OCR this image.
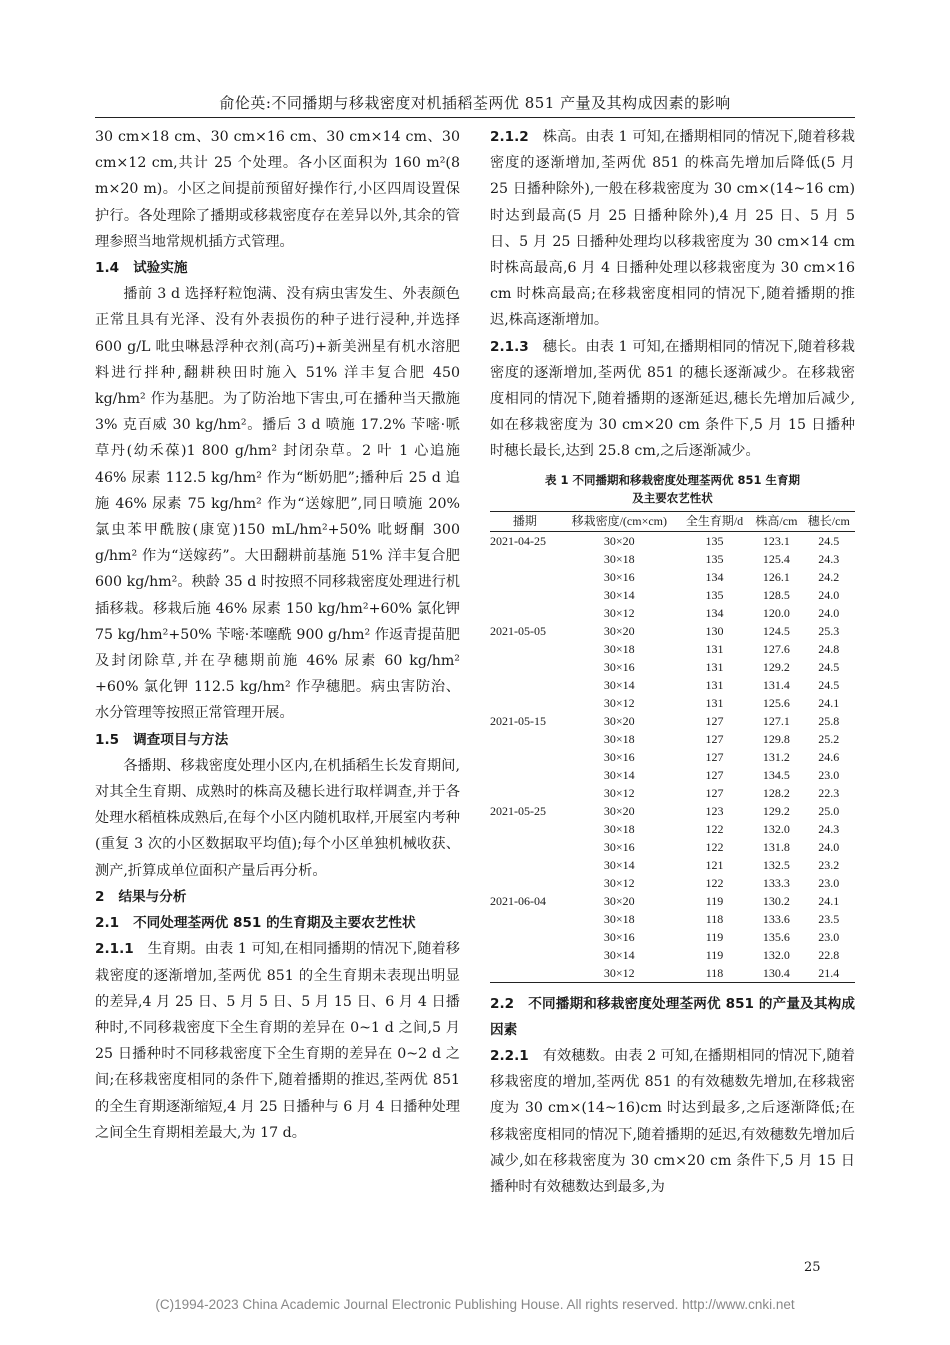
俞伦英:不同播期与移栽密度对机插稻荃两优 851 产量及其构成因素的影响

30 cm×18 cm、30 cm×16 cm、30 cm×14 cm、30 cm×12 cm,共计 25 个处理。各小区面积为 160 m²(8 m×20 m)。小区之间提前预留好操作行,小区四周设置保护行。各处理除了播期或移栽密度存在差异以外,其余的管理参照当地常规机插方式管理。

1.4 试验实施

播前 3 d 选择籽粒饱满、没有病虫害发生、外表颜色正常且具有光泽、没有外表损伤的种子进行浸种,并选择 600 g/L 吡虫啉悬浮种衣剂(高巧)+新美洲星有机水溶肥料进行拌种,翻耕秧田时施入 51% 洋丰复合肥 450 kg/hm² 作为基肥。为了防治地下害虫,可在播种当天撒施 3% 克百威 30 kg/hm²。播后 3 d 喷施 17.2% 苄嘧·哌草丹(幼禾葆)1 800 g/hm² 封闭杂草。2 叶 1 心追施 46% 尿素 112.5 kg/hm² 作为“断奶肥”;播种后 25 d 追施 46% 尿素 75 kg/hm² 作为“送嫁肥”,同日喷施 20% 氯虫苯甲酰胺(康宽)150 mL/hm²+50% 吡蚜酮 300 g/hm² 作为“送嫁药”。大田翻耕前基施 51% 洋丰复合肥 600 kg/hm²。秧龄 35 d 时按照不同移栽密度处理进行机插移栽。移栽后施 46% 尿素 150 kg/hm²+60% 氯化钾 75 kg/hm²+50% 苄嘧·苯噻酰 900 g/hm² 作返青提苗肥及封闭除草,并在孕穗期前施 46% 尿素 60 kg/hm² +60% 氯化钾 112.5 kg/hm² 作孕穗肥。病虫害防治、水分管理等按照正常管理开展。

1.5 调查项目与方法

各播期、移栽密度处理小区内,在机插稻生长发育期间,对其全生育期、成熟时的株高及穗长进行取样调查,并于各处理水稻植株成熟后,在每个小区内随机取样,开展室内考种(重复 3 次的小区数据取平均值);每个小区单独机械收获、测产,折算成单位面积产量后再分析。

2 结果与分析

2.1 不同处理荃两优 851 的生育期及主要农艺性状

2.1.1 生育期。由表 1 可知,在相同播期的情况下,随着移栽密度的逐渐增加,荃两优 851 的全生育期未表现出明显的差异,4 月 25 日、5 月 5 日、5 月 15 日、6 月 4 日播种时,不同移栽密度下全生育期的差异在 0~1 d 之间,5 月 25 日播种时不同移栽密度下全生育期的差异在 0~2 d 之间;在移栽密度相同的条件下,随着播期的推迟,荃两优 851 的全生育期逐渐缩短,4 月 25 日播种与 6 月 4 日播种处理之间全生育期相差最大,为 17 d。

2.1.2 株高。由表 1 可知,在播期相同的情况下,随着移栽密度的逐渐增加,荃两优 851 的株高先增加后降低(5 月 25 日播种除外),一般在移栽密度为 30 cm×(14~16 cm)时达到最高(5 月 25 日播种除外),4 月 25 日、5 月 5 日、5 月 25 日播种处理均以移栽密度为 30 cm×14 cm 时株高最高,6 月 4 日播种处理以移栽密度为 30 cm×16 cm 时株高最高;在移栽密度相同的情况下,随着播期的推迟,株高逐渐增加。

2.1.3 穗长。由表 1 可知,在播期相同的情况下,随着移栽密度的逐渐增加,荃两优 851 的穗长逐渐减少。在移栽密度相同的情况下,随着播期的逐渐延迟,穗长先增加后减少,如在移栽密度为 30 cm×20 cm 条件下,5 月 15 日播种时穗长最长,达到 25.8 cm,之后逐渐减少。

表 1 不同播期和移栽密度处理荃两优 851 生育期
及主要农艺性状
播期	移栽密度/(cm×cm)	全生育期/d	株高/cm	穗长/cm
2021-04-25	30×20	135	123.1	24.5
	30×18	135	125.4	24.3
	30×16	134	126.1	24.2
	30×14	135	128.5	24.0
	30×12	134	120.0	24.0
2021-05-05	30×20	130	124.5	25.3
	30×18	131	127.6	24.8
	30×16	131	129.2	24.5
	30×14	131	131.4	24.5
	30×12	131	125.6	24.1
2021-05-15	30×20	127	127.1	25.8
	30×18	127	129.8	25.2
	30×16	127	131.2	24.6
	30×14	127	134.5	23.0
	30×12	127	128.2	22.3
2021-05-25	30×20	123	129.2	25.0
	30×18	122	132.0	24.3
	30×16	122	131.8	24.0
	30×14	121	132.5	23.2
	30×12	122	133.3	23.0
2021-06-04	30×20	119	130.2	24.1
	30×18	118	133.6	23.5
	30×16	119	135.6	23.0
	30×14	119	132.0	22.8
	30×12	118	130.4	21.4

2.2 不同播期和移栽密度处理荃两优 851 的产量及其构成因素

2.2.1 有效穗数。由表 2 可知,在播期相同的情况下,随着移栽密度的增加,荃两优 851 的有效穗数先增加,在移栽密度为 30 cm×(14~16)cm 时达到最多,之后逐渐降低;在移栽密度相同的情况下,随着播期的延迟,有效穗数先增加后减少,如在移栽密度为 30 cm×20 cm 条件下,5 月 15 日播种时有效穗数达到最多,为

25
(C)1994-2023 China Academic Journal Electronic Publishing House. All rights reserved. http://www.cnki.net
